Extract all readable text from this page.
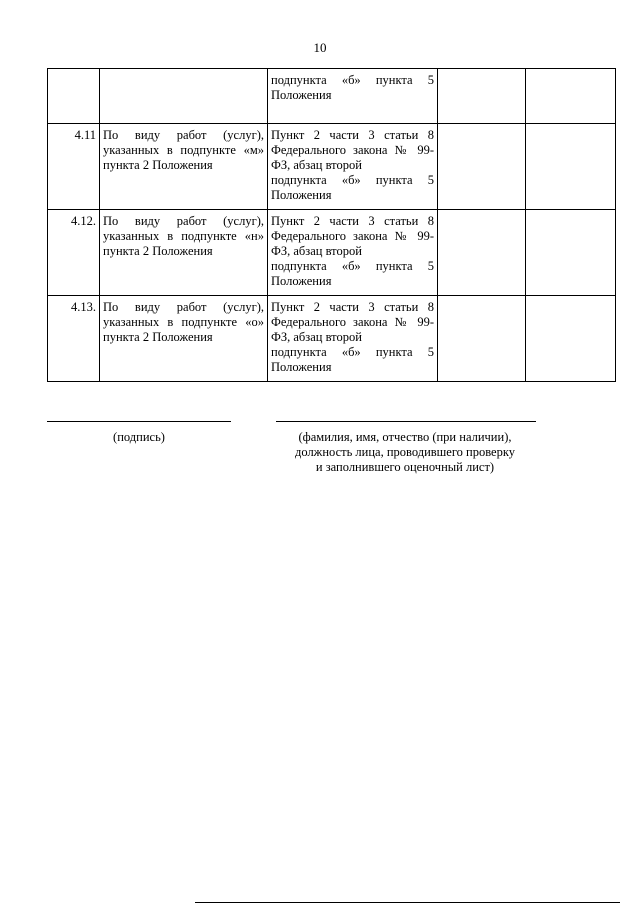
10

		подпункта «б» пункта 5
Положения		
4.11	По виду работ (услуг), указанных в подпункте «м» пункта 2 Положения	Пункт 2 части 3 статьи 8
Федерального закона № 99-
ФЗ, абзац второй
подпункта «б» пункта 5
Положения		

4.12.	По виду работ (услуг), указанных в подпункте «н» пункта 2 Положения	Пункт 2 части 3 статьи 8
Федерального закона № 99-
ФЗ, абзац второй
подпункта «б» пункта 5
Положения		

4.13.	По виду работ (услуг), указанных в подпункте «о» пункта 2 Положения	Пункт 2 части 3 статьи 8
Федерального закона № 99-
ФЗ, абзац второй
подпункта «б» пункта 5
Положения		

(подпись)	(фамилия, имя, отчество (при наличии),
должность лица, проводившего проверку
и заполнившего оценочный лист)
